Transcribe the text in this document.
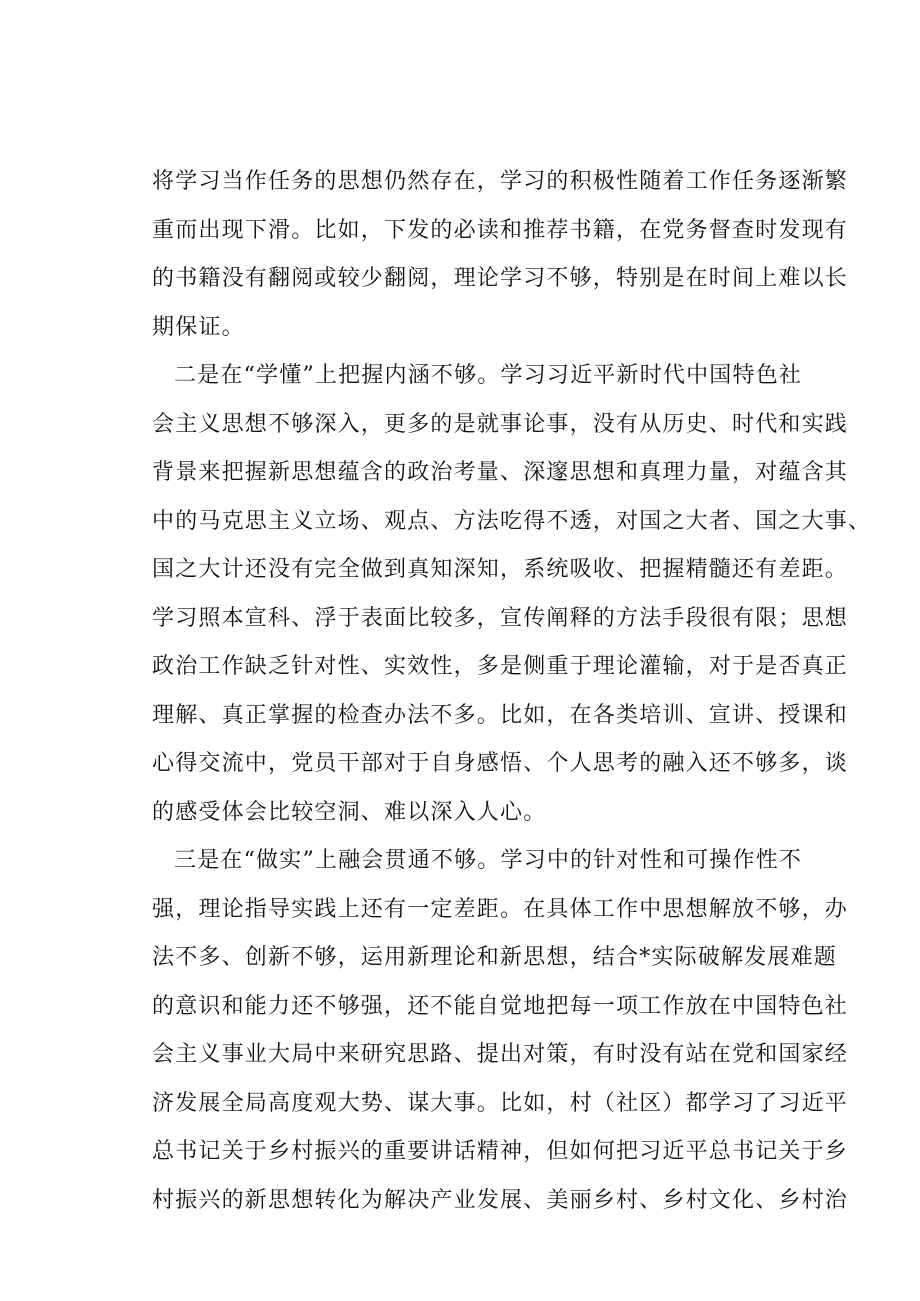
将学习当作任务的思想仍然存在，学习的积极性随着工作任务逐渐繁
重而出现下滑。比如，下发的必读和推荐书籍，在党务督查时发现有
的书籍没有翻阅或较少翻阅，理论学习不够，特别是在时间上难以长
期保证。
二是在“学懂”上把握内涵不够。学习习近平新时代中国特色社
会主义思想不够深入，更多的是就事论事，没有从历史、时代和实践
背景来把握新思想蕴含的政治考量、深邃思想和真理力量，对蕴含其
中的马克思主义立场、观点、方法吃得不透，对国之大者、国之大事、
国之大计还没有完全做到真知深知，系统吸收、把握精髓还有差距。
学习照本宣科、浮于表面比较多，宣传阐释的方法手段很有限；思想
政治工作缺乏针对性、实效性，多是侧重于理论灌输，对于是否真正
理解、真正掌握的检查办法不多。比如，在各类培训、宣讲、授课和
心得交流中，党员干部对于自身感悟、个人思考的融入还不够多，谈
的感受体会比较空洞、难以深入人心。
三是在“做实”上融会贯通不够。学习中的针对性和可操作性不
强，理论指导实践上还有一定差距。在具体工作中思想解放不够，办
法不多、创新不够，运用新理论和新思想，结合*实际破解发展难题
的意识和能力还不够强，还不能自觉地把每一项工作放在中国特色社
会主义事业大局中来研究思路、提出对策，有时没有站在党和国家经
济发展全局高度观大势、谋大事。比如，村（社区）都学习了习近平
总书记关于乡村振兴的重要讲话精神，但如何把习近平总书记关于乡
村振兴的新思想转化为解决产业发展、美丽乡村、乡村文化、乡村治
